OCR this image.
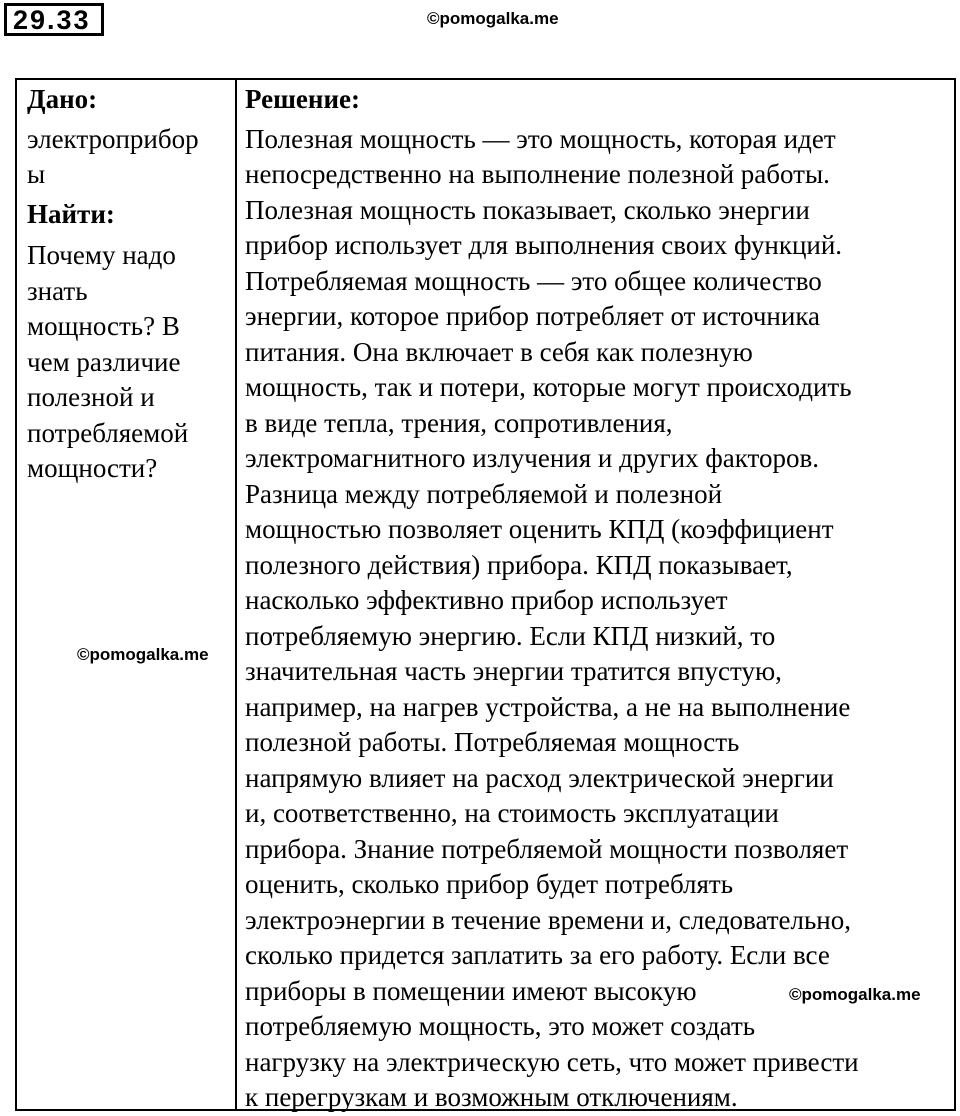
29.33	©pomogalka.me
Дано:
электроприбор
ы
Найти:
Почему надо
знать
мощность? В
чем различие
полезной и
потребляемой
мощности?
Решение:
Полезная мощность — это мощность, которая идет
непосредственно на выполнение полезной работы.
Полезная мощность показывает, сколько энергии
прибор использует для выполнения своих функций.
Потребляемая мощность — это общее количество
энергии, которое прибор потребляет от источника
питания. Она включает в себя как полезную
мощность, так и потери, которые могут происходить
в виде тепла, трения, сопротивления,
электромагнитного излучения и других факторов.
Разница между потребляемой и полезной
мощностью позволяет оценить КПД (коэффициент
полезного действия) прибора. КПД показывает,
насколько эффективно прибор использует
потребляемую энергию. Если КПД низкий, то
значительная часть энергии тратится впустую,
например, на нагрев устройства, а не на выполнение
полезной работы. Потребляемая мощность
напрямую влияет на расход электрической энергии
и, соответственно, на стоимость эксплуатации
прибора. Знание потребляемой мощности позволяет
оценить, сколько прибор будет потреблять
электроэнергии в течение времени и, следовательно,
сколько придется заплатить за его работу. Если все
приборы в помещении имеют высокую
потребляемую мощность, это может создать
нагрузку на электрическую сеть, что может привести
к перегрузкам и возможным отключениям.
©pomogalka.me
©pomogalka.me
